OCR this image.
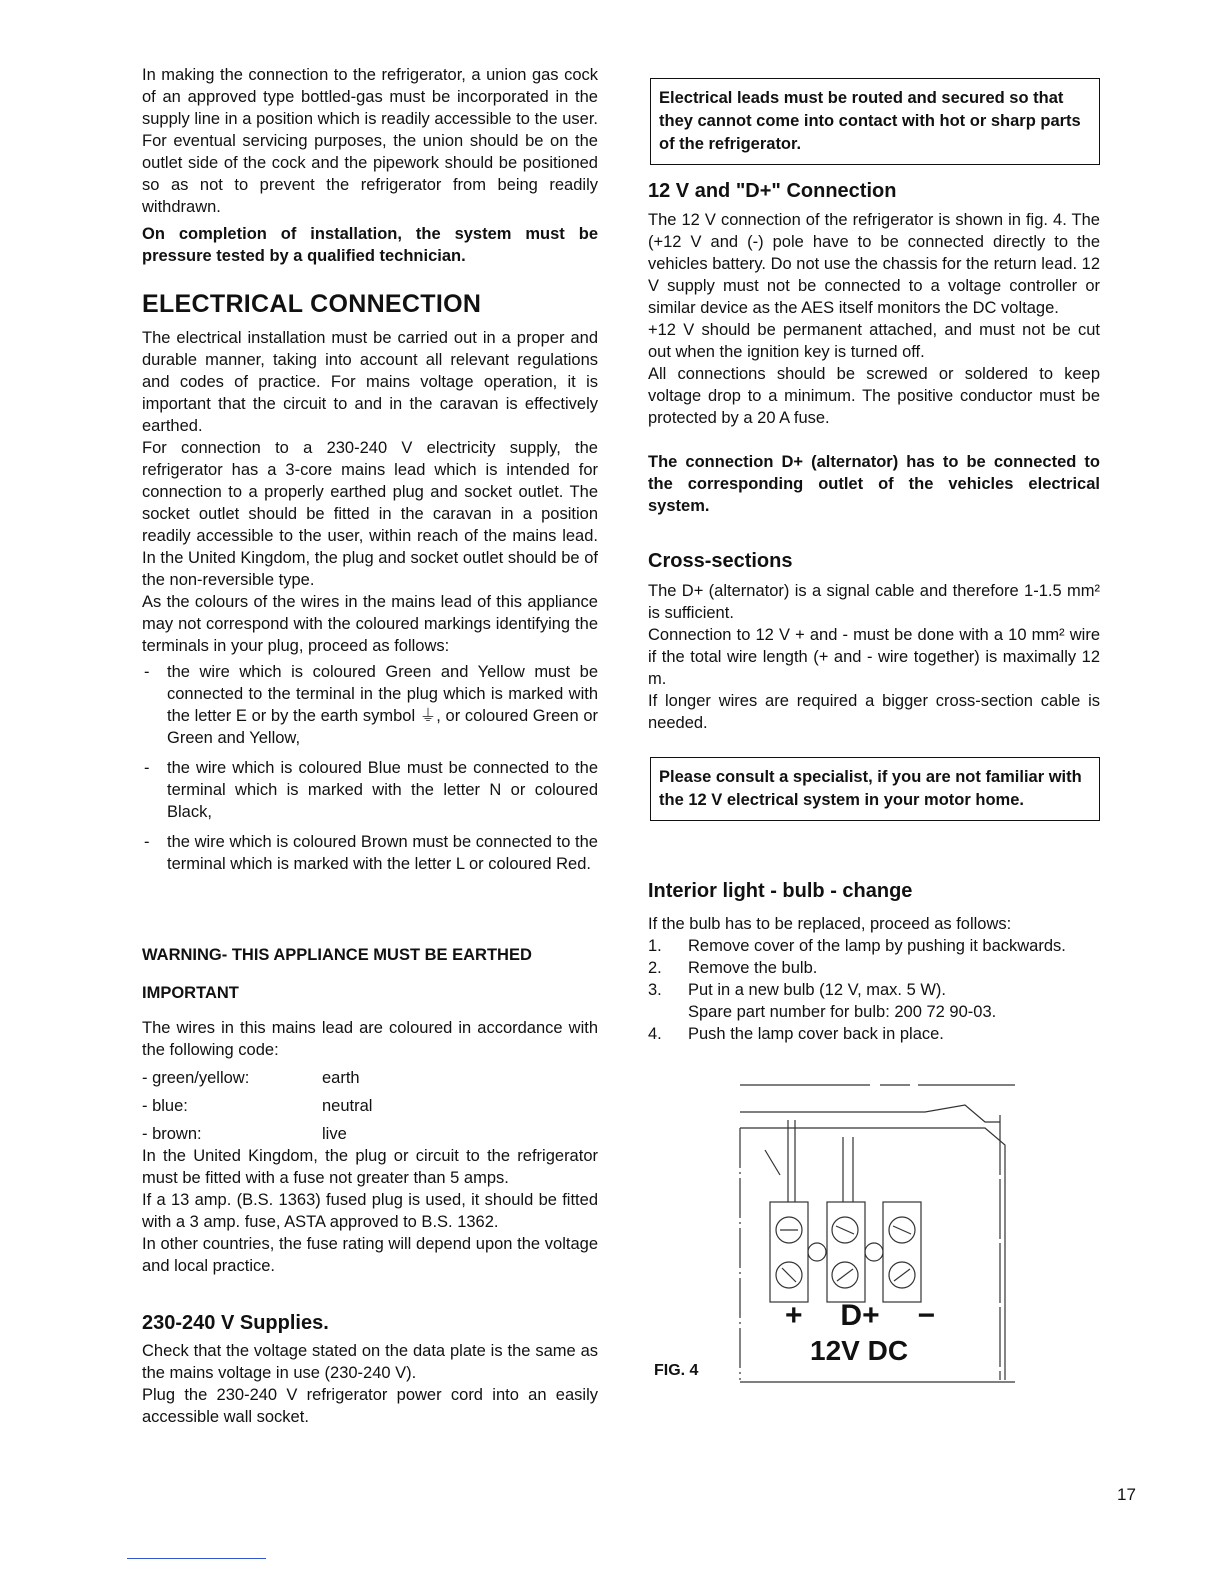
In making the connection to the refrigerator, a union gas cock of an approved type bottled-gas must be incorporated in the supply line in a position which is readily accessible to the user. For eventual servicing purposes, the union should be on the outlet side of the cock and the pipework should be positioned so as not to prevent the refrigerator from being readily withdrawn.

On completion of installation, the system must be pressure tested by a qualified technician.

ELECTRICAL CONNECTION

The electrical installation must be carried out in a proper and durable manner, taking into account all relevant regulations and codes of practice. For mains voltage operation, it is important that the circuit to and in the caravan is effectively earthed.

For connection to a 230-240 V electricity supply, the refrigerator has a 3-core mains lead which is intended for connection to a properly earthed plug and socket outlet. The socket outlet should be fitted in the caravan in a position readily accessible to the user, within reach of the mains lead. In the United Kingdom, the plug and socket outlet should be of the non-reversible type.

As the colours of the wires in the mains lead of this appliance may not correspond with the coloured markings identifying the terminals in your plug, proceed as follows:

- the wire which is coloured Green and Yellow must be connected to the terminal in the plug which is marked with the letter E or by the earth symbol ⏚, or coloured Green or Green and Yellow,
- the wire which is coloured Blue must be connected to the terminal which is marked with the letter N or coloured Black,
- the wire which is coloured Brown must be connected to the terminal which is marked with the letter L or coloured Red.
WARNING- THIS APPLIANCE MUST BE EARTHED
IMPORTANT

The wires in this mains lead are coloured in accordance with the following code:

- green/yellow:	earth
- blue:	neutral
- brown:	live

In the United Kingdom, the plug or circuit to the refrigerator must be fitted with a fuse not greater than 5 amps.

If a 13 amp. (B.S. 1363) fused plug is used, it should be fitted with a 3 amp. fuse, ASTA approved to B.S. 1362.

In other countries, the fuse rating will depend upon the voltage and local practice.

230-240 V Supplies.

Check that the voltage stated on the data plate is the same as the mains voltage in use (230-240 V).

Plug the 230-240 V refrigerator power cord into an easily accessible wall socket.

Electrical leads must be routed and secured so that they cannot come into contact with hot or sharp parts of the refrigerator.
12 V and "D+" Connection

The 12 V connection of the refrigerator is shown in fig. 4. The (+12 V and (-) pole have to be connected directly to the vehicles battery. Do not use the chassis for the return lead. 12 V supply must not be connected to a voltage controller or similar device as the AES itself monitors the DC voltage.

+12 V should be permanent attached, and must not be cut out when the ignition key is turned off.

All connections should be screwed or soldered to keep voltage drop to a minimum. The positive conductor must be protected by a 20 A fuse.

The connection D+ (alternator) has to be connected to the corresponding outlet of the vehicles electrical system.

Cross-sections

The D+ (alternator) is a signal cable and therefore 1-1.5 mm² is sufficient.

Connection to 12 V + and - must be done with a 10 mm² wire if the total wire length (+ and - wire together) is maximally 12 m.

If longer wires are required a bigger cross-section cable is needed.

Please consult a specialist, if you are not familiar with the 12 V electrical system in your motor home.
Interior light - bulb - change

If the bulb has to be replaced, proceed as follows:

1. Remove cover of the lamp by pushing it backwards.
2. Remove the bulb.
3. Put in a new bulb (12 V, max. 5 W).
Spare part number for bulb: 200 72 90-03.
4. Push the lamp cover back in place.
+ D+ −
12V DC
FIG. 4
17
